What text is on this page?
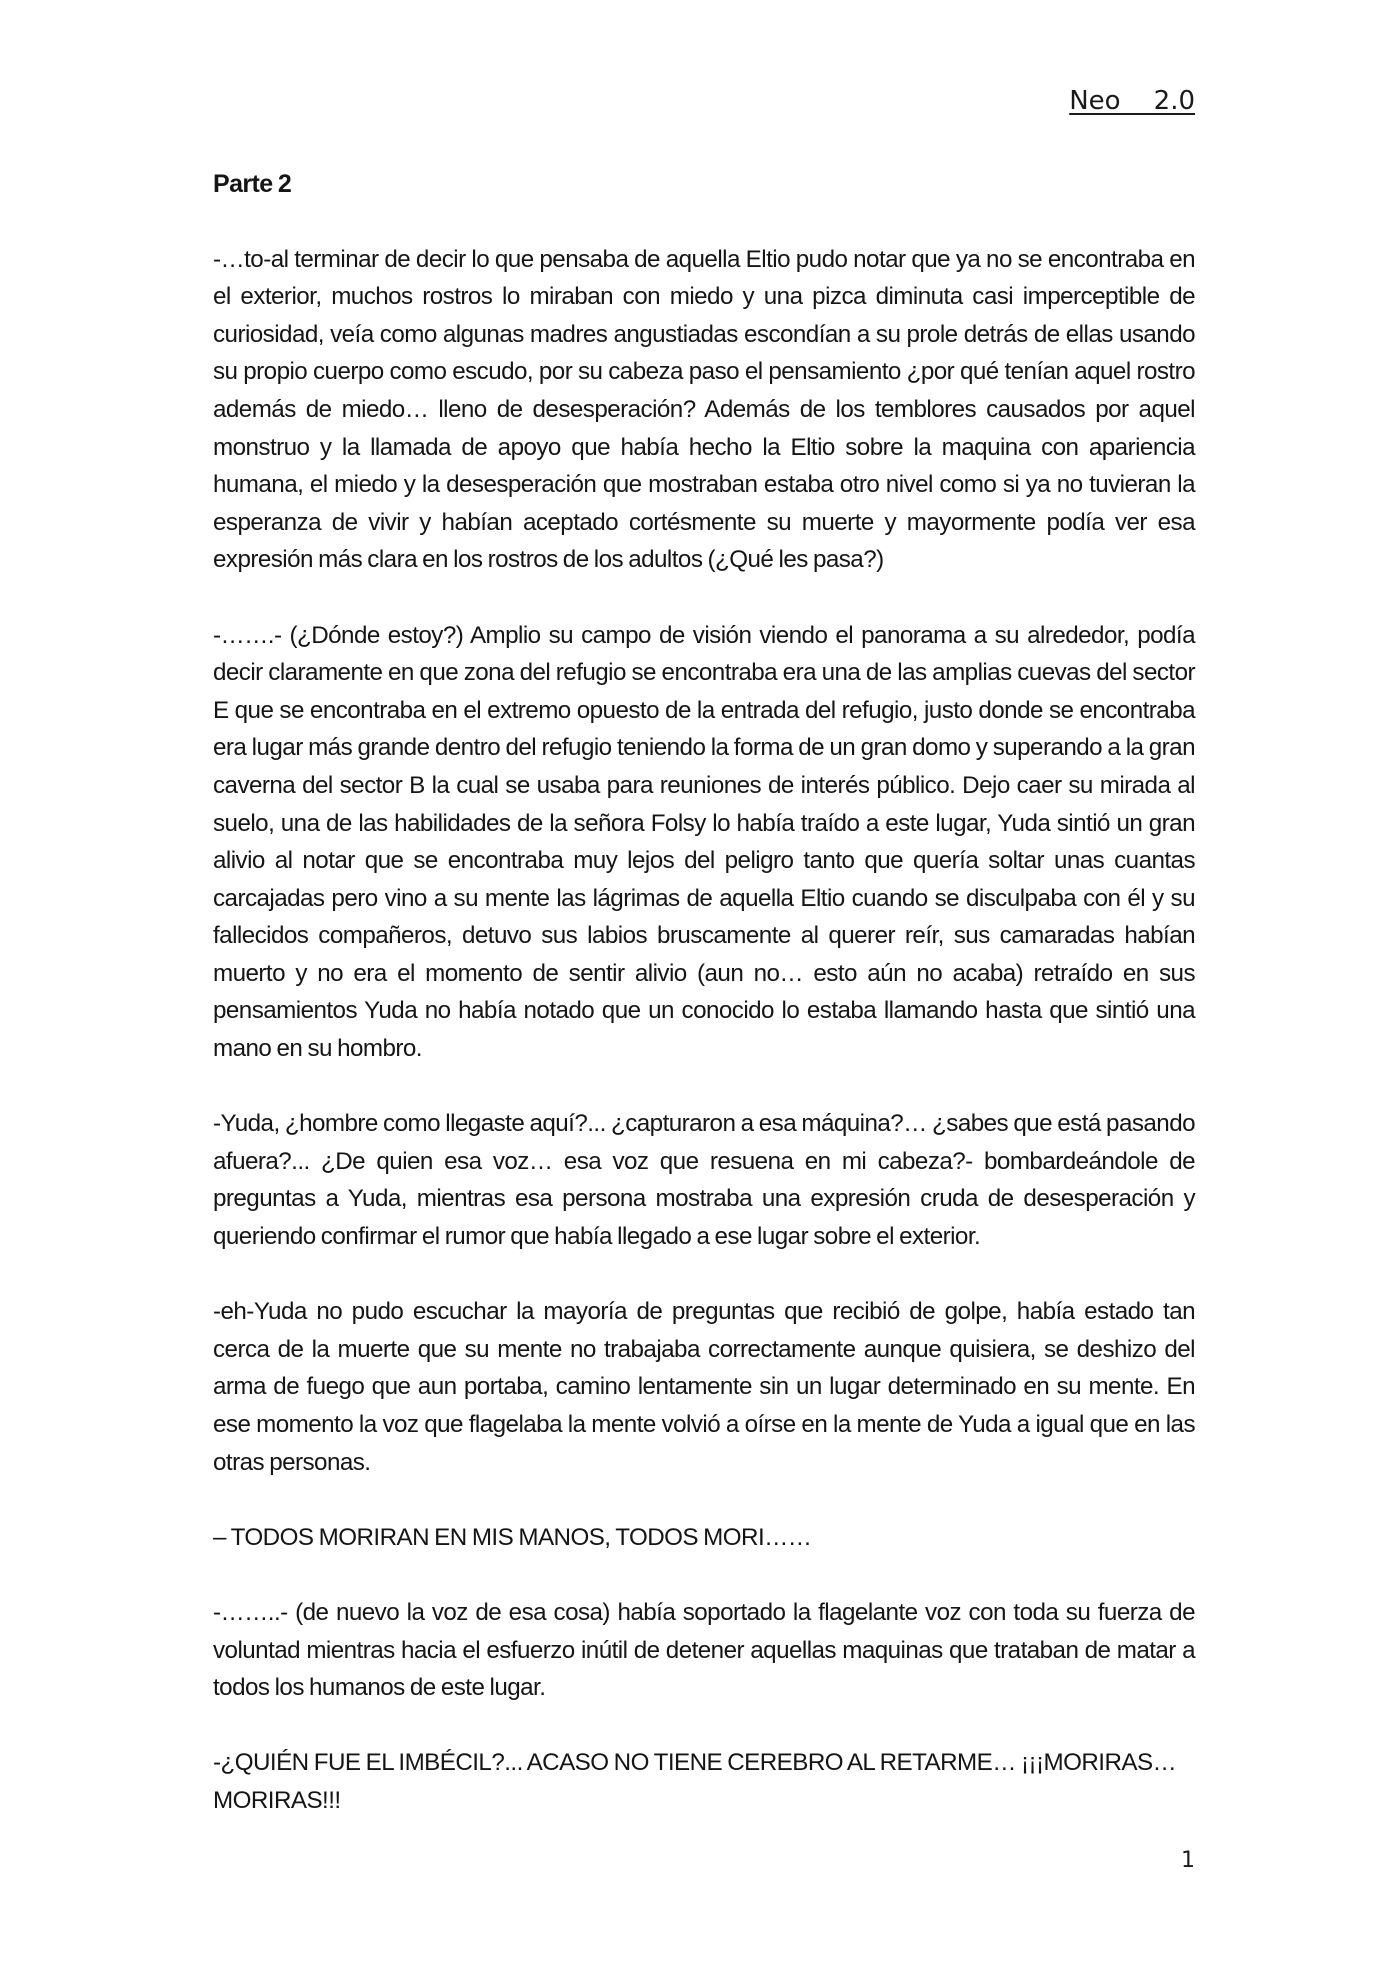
Neo    2.0
Parte 2

-…to-al terminar de decir lo que pensaba de aquella Eltio pudo notar que ya no se encontraba en el exterior, muchos rostros lo miraban con miedo y una pizca diminuta casi imperceptible de curiosidad, veía como algunas madres angustiadas escondían a su prole detrás de ellas usando su propio cuerpo como escudo, por su cabeza paso el pensamiento ¿por qué tenían aquel rostro además de miedo… lleno de desesperación? Además de los temblores causados por aquel monstruo y la llamada de apoyo que había hecho la Eltio sobre la maquina con apariencia humana, el miedo y la desesperación que mostraban estaba otro nivel como si ya no tuvieran la esperanza de vivir y habían aceptado cortésmente su muerte y mayormente podía ver esa expresión más clara en los rostros de los adultos (¿Qué les pasa?)

-…….- (¿Dónde estoy?) Amplio su campo de visión viendo el panorama a su alrededor, podía decir claramente en que zona del refugio se encontraba era una de las amplias cuevas del sector E que se encontraba en el extremo opuesto de la entrada del refugio, justo donde se encontraba era lugar más grande dentro del refugio teniendo la forma de un gran domo y superando a la gran caverna del sector B la cual se usaba para reuniones de interés público. Dejo caer su mirada al suelo, una de las habilidades de la señora Folsy lo había traído a este lugar, Yuda sintió un gran alivio al notar que se encontraba muy lejos del peligro tanto que quería soltar unas cuantas carcajadas pero vino a su mente las lágrimas de aquella Eltio cuando se disculpaba con él y su fallecidos compañeros, detuvo sus labios bruscamente al querer reír, sus camaradas habían muerto y no era el momento de sentir alivio (aun no… esto aún no acaba) retraído en sus pensamientos Yuda no había notado que un conocido lo estaba llamando hasta que sintió una mano en su hombro.

-Yuda, ¿hombre como llegaste aquí?... ¿capturaron a esa máquina?… ¿sabes que está pasando afuera?... ¿De quien esa voz… esa voz que resuena en mi cabeza?- bombardeándole de preguntas a Yuda, mientras esa persona mostraba una expresión cruda de desesperación y queriendo confirmar el rumor que había llegado a ese lugar sobre el exterior.

-eh-Yuda no pudo escuchar la mayoría de preguntas que recibió de golpe, había estado tan cerca de la muerte que su mente no trabajaba correctamente aunque quisiera, se deshizo del arma de fuego que aun portaba, camino lentamente sin un lugar determinado en su mente. En ese momento la voz que flagelaba la mente volvió a oírse en la mente de Yuda a igual que en las otras personas.

– TODOS MORIRAN EN MIS MANOS, TODOS MORI……

-……..- (de nuevo la voz de esa cosa) había soportado la flagelante voz con toda su fuerza de voluntad mientras hacia el esfuerzo inútil de detener aquellas maquinas que trataban de matar a todos los humanos de este lugar.

-¿QUIÉN FUE EL IMBÉCIL?... ACASO NO TIENE CEREBRO AL RETARME… ¡¡¡MORIRAS… MORIRAS!!!

1
